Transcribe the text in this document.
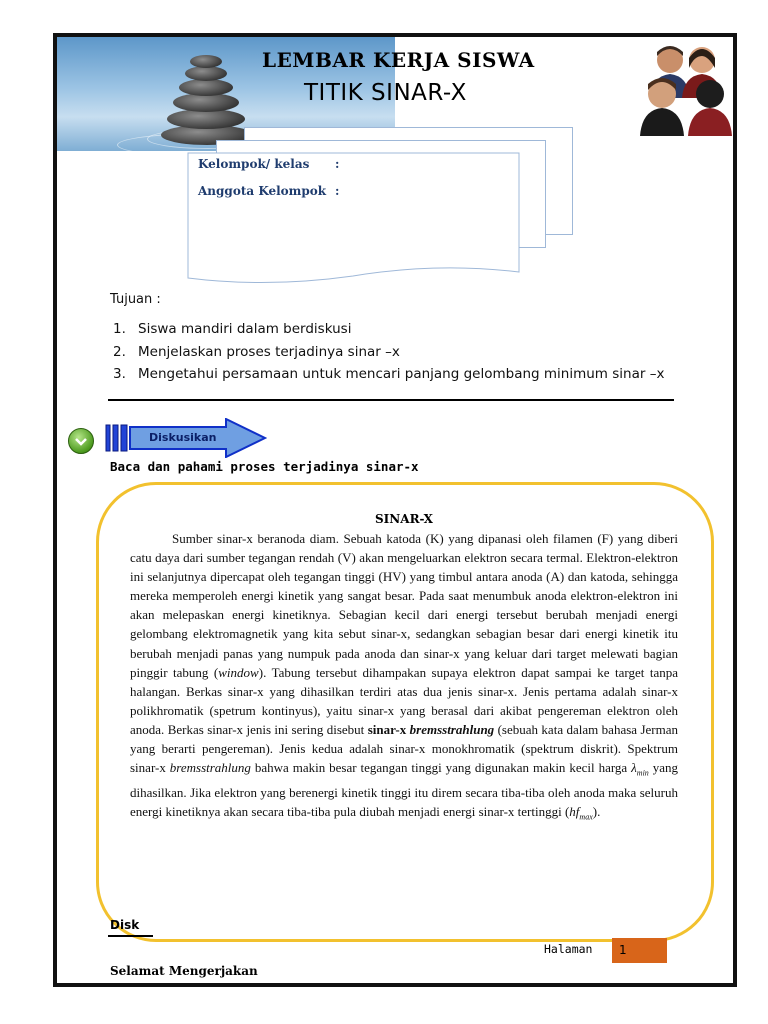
LEMBAR KERJA SISWA
TITIK SINAR-X
Kelompok/ kelas :
Anggota Kelompok :
Tujuan :
1. Siswa mandiri dalam berdiskusi
2. Menjelaskan proses terjadinya sinar –x
3. Mengetahui persamaan untuk mencari panjang gelombang minimum sinar –x
Diskusikan
Baca dan pahami proses terjadinya sinar-x
SINAR-X

Sumber sinar-x beranoda diam. Sebuah katoda (K) yang dipanasi oleh filamen (F) yang diberi catu daya dari sumber tegangan rendah (V) akan mengeluarkan elektron secara termal. Elektron-elektron ini selanjutnya dipercapat oleh tegangan tinggi (HV) yang timbul antara anoda (A) dan katoda, sehingga mereka memperoleh energi kinetik yang sangat besar. Pada saat menumbuk anoda elektron-elektron ini akan melepaskan energi kinetiknya. Sebagian kecil dari energi tersebut berubah menjadi energi gelombang elektromagnetik yang kita sebut sinar-x, sedangkan sebagian besar dari energi kinetik itu berubah menjadi panas yang numpuk pada anoda dan sinar-x yang keluar dari target melewati bagian pinggir tabung (window). Tabung tersebut dihampakan supaya elektron dapat sampai ke target tanpa halangan. Berkas sinar-x yang dihasilkan terdiri atas dua jenis sinar-x. Jenis pertama adalah sinar-x polikhromatik (spetrum kontinyus), yaitu sinar-x yang berasal dari akibat pengereman elektron oleh anoda. Berkas sinar-x jenis ini sering disebut sinar-x bremsstrahlung (sebuah kata dalam bahasa Jerman yang berarti pengereman). Jenis kedua adalah sinar-x monokhromatik (spektrum diskrit). Spektrum sinar-x bremsstrahlung bahwa makin besar tegangan tinggi yang digunakan makin kecil harga $\lambda_{min}$ yang dihasilkan. Jika elektron yang berenergi kinetik tinggi itu direm secara tiba-tiba oleh anoda maka seluruh energi kinetiknya akan secara tiba-tiba pula diubah menjadi energi sinar-x tertinggi $(hf_{max})$.

Disk
Halaman	1
Selamat Mengerjakan
